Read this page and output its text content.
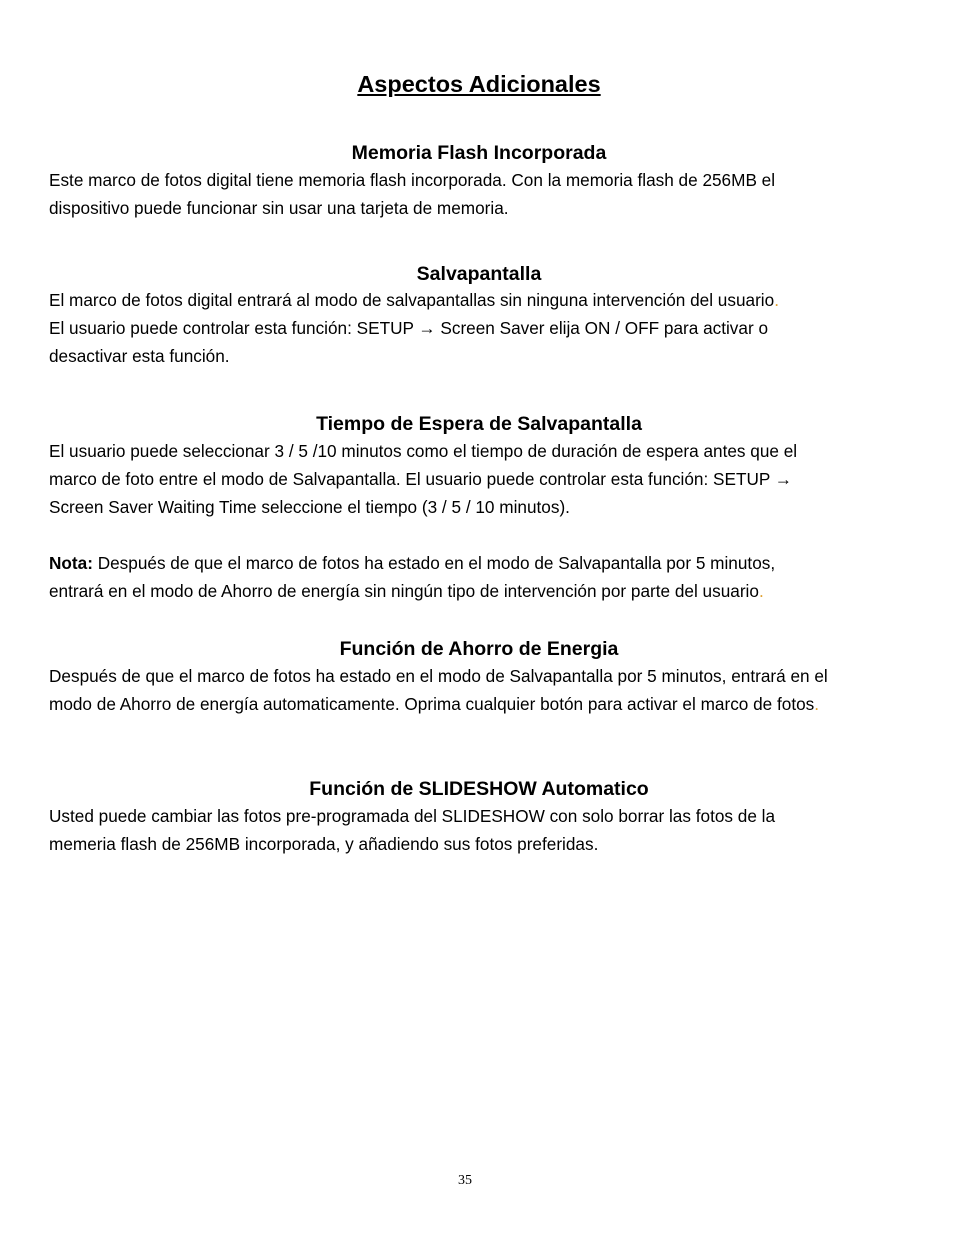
Aspectos Adicionales
Memoria Flash Incorporada
Este marco de fotos digital tiene memoria flash incorporada. Con la memoria flash de 256MB el
dispositivo puede funcionar sin usar una tarjeta de memoria.
Salvapantalla
El marco de fotos digital entrará al modo de salvapantallas sin ninguna intervención del usuario.
El usuario puede controlar esta función: SETUP → Screen Saver elija ON / OFF para activar o
desactivar esta función.
Tiempo de Espera de Salvapantalla
El usuario puede seleccionar 3 / 5 /10 minutos como el tiempo de duración de espera antes que el
marco de foto entre el modo de Salvapantalla. El usuario puede controlar esta función: SETUP →
Screen Saver Waiting Time seleccione el tiempo (3 / 5 / 10 minutos).
Nota: Después de que el marco de fotos ha estado en el modo de Salvapantalla por 5 minutos,
entrará en el modo de Ahorro de energía sin ningún tipo de intervención por parte del usuario.
Función de Ahorro de Energia
Después de que el marco de fotos ha estado en el modo de Salvapantalla por 5 minutos, entrará en el
modo de Ahorro de energía automaticamente. Oprima cualquier botón para activar el marco de fotos.
Función de SLIDESHOW Automatico
Usted puede cambiar las fotos pre-programada del SLIDESHOW con solo borrar las fotos de la
memeria flash de 256MB incorporada, y añadiendo sus fotos preferidas.
35
